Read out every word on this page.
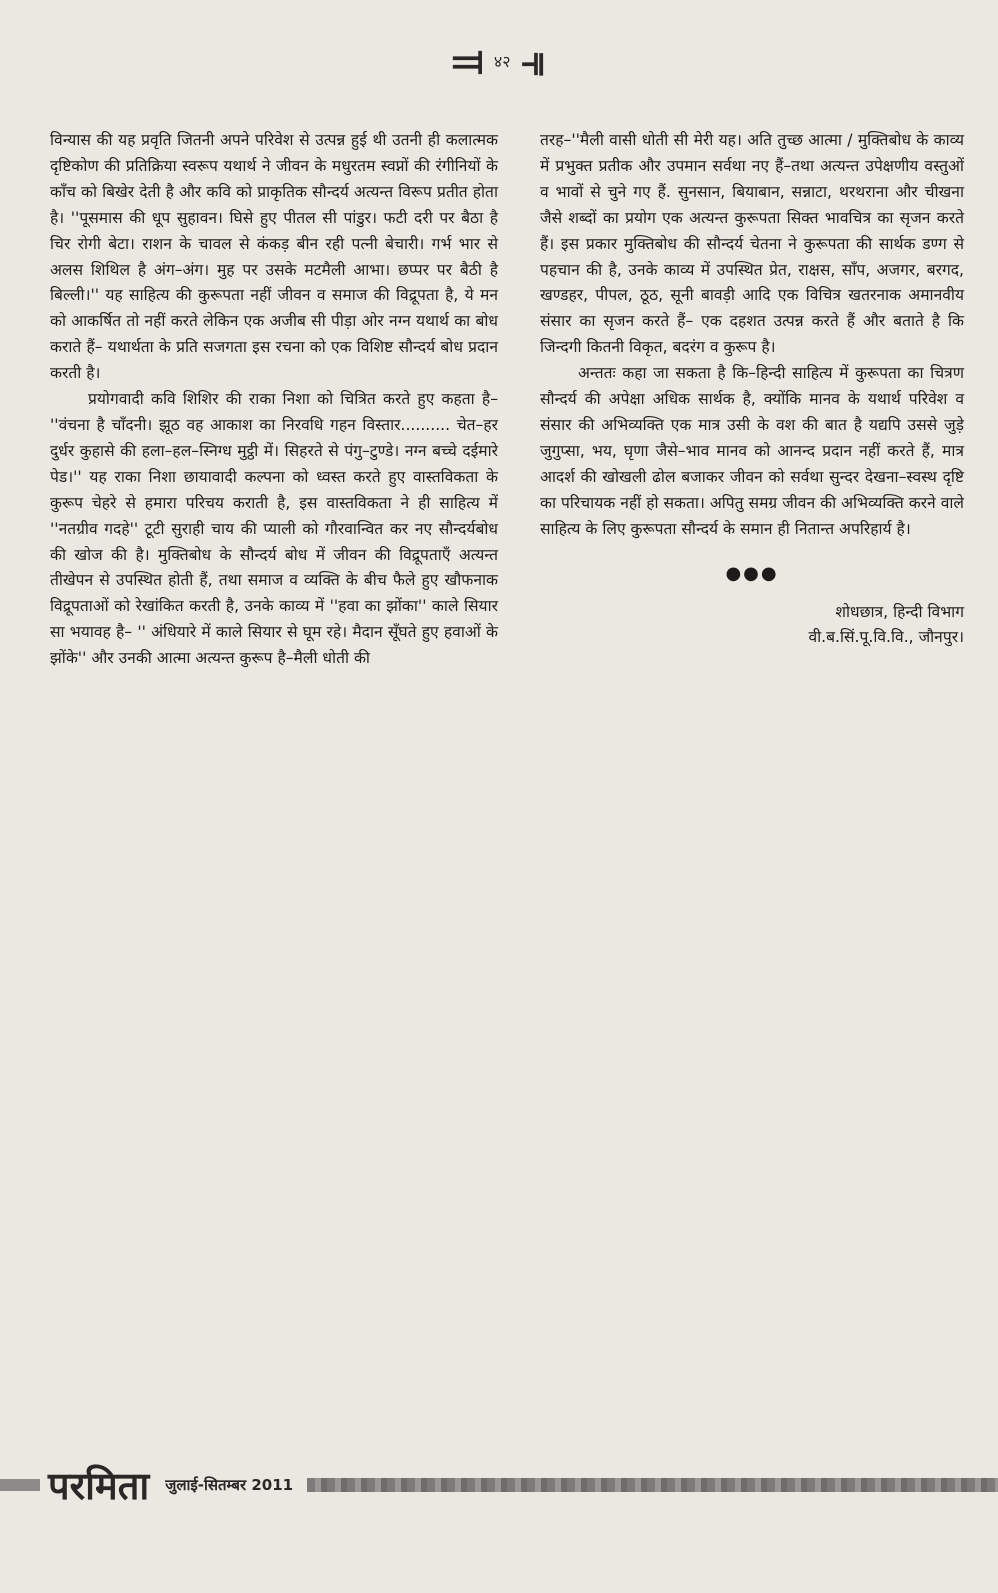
⫤ ४२ ⫣

विन्यास की यह प्रवृति जितनी अपने परिवेश से उत्पन्न हुई थी उतनी ही कलात्मक दृष्टिकोण की प्रतिक्रिया स्वरूप यथार्थ ने जीवन के मधुरतम स्वप्नों की रंगीनियों के काँच को बिखेर देती है और कवि को प्राकृतिक सौन्दर्य अत्यन्त विरूप प्रतीत होता है। ''पूसमास की धूप सुहावन। घिसे हुए पीतल सी पांडुर। फटी दरी पर बैठा है चिर रोगी बेटा। राशन के चावल से कंकड़ बीन रही पत्नी बेचारी। गर्भ भार से अलस शिथिल है अंग–अंग। मुह पर उसके मटमैली आभा। छप्पर पर बैठी है बिल्ली।'' यह साहित्य की कुरूपता नहीं जीवन व समाज की विद्रूपता है, ये मन को आकर्षित तो नहीं करते लेकिन एक अजीब सी पीड़ा ओर नग्न यथार्थ का बोध कराते हैं– यथार्थता के प्रति सजगता इस रचना को एक विशिष्ट सौन्दर्य बोध प्रदान करती है।

प्रयोगवादी कवि शिशिर की राका निशा को चित्रित करते हुए कहता है– ''वंचना है चाँदनी। झूठ वह आकाश का निरवधि गहन विस्तार.......... चेत–हर दुर्धर कुहासे की हला–हल–स्निग्ध मुट्ठी में। सिहरते से पंगु–टुण्डे। नग्न बच्चे दईमारे पेड।'' यह राका निशा छायावादी कल्पना को ध्वस्त करते हुए वास्तविकता के कुरूप चेहरे से हमारा परिचय कराती है, इस वास्तविकता ने ही साहित्य में ''नतग्रीव गदहे'' टूटी सुराही चाय की प्याली को गौरवान्वित कर नए सौन्दर्यबोध की खोज की है। मुक्तिबोध के सौन्दर्य बोध में जीवन की विद्रूपताएँ अत्यन्त तीखेपन से उपस्थित होती हैं, तथा समाज व व्यक्ति के बीच फैले हुए खौफनाक विद्रूपताओं को रेखांकित करती है, उनके काव्य में ''हवा का झोंका'' काले सियार सा भयावह है– '' अंधियारे में काले सियार से घूम रहे। मैदान सूँघते हुए हवाओं के झोंके'' और उनकी आत्मा अत्यन्त कुरूप है–मैली धोती की

तरह–''मैली वासी धोती सी मेरी यह। अति तुच्छ आत्मा / मुक्तिबोध के काव्य में प्रभुक्त प्रतीक और उपमान सर्वथा नए हैं–तथा अत्यन्त उपेक्षणीय वस्तुओं व भावों से चुने गए हैं. सुनसान, बियाबान, सन्नाटा, थरथराना और चीखना जैसे शब्दों का प्रयोग एक अत्यन्त कुरूपता सिक्त भावचित्र का सृजन करते हैं। इस प्रकार मुक्तिबोध की सौन्दर्य चेतना ने कुरूपता की सार्थक डण्ग से पहचान की है, उनके काव्य में उपस्थित प्रेत, राक्षस, साँप, अजगर, बरगद, खण्डहर, पीपल, ठूठ, सूनी बावड़ी आदि एक विचित्र खतरनाक अमानवीय संसार का सृजन करते हैं– एक दहशत उत्पन्न करते हैं और बताते है कि जिन्दगी कितनी विकृत, बदरंग व कुरूप है।

अन्ततः कहा जा सकता है कि–हिन्दी साहित्य में कुरूपता का चित्रण सौन्दर्य की अपेक्षा अधिक सार्थक है, क्योंकि मानव के यथार्थ परिवेश व संसार की अभिव्यक्ति एक मात्र उसी के वश की बात है यद्यपि उससे जुड़े जुगुप्सा, भय, घृणा जैसे–भाव मानव को आनन्द प्रदान नहीं करते हैं, मात्र आदर्श की खोखली ढोल बजाकर जीवन को सर्वथा सुन्दर देखना–स्वस्थ दृष्टि का परिचायक नहीं हो सकता। अपितु समग्र जीवन की अभिव्यक्ति करने वाले साहित्य के लिए कुरूपता सौन्दर्य के समान ही नितान्त अपरिहार्य है।

●●●
शोधछात्र, हिन्दी विभाग
वी.ब.सिं.पू.वि.वि., जौनपुर।
परमिता जुलाई-सितम्बर 2011
